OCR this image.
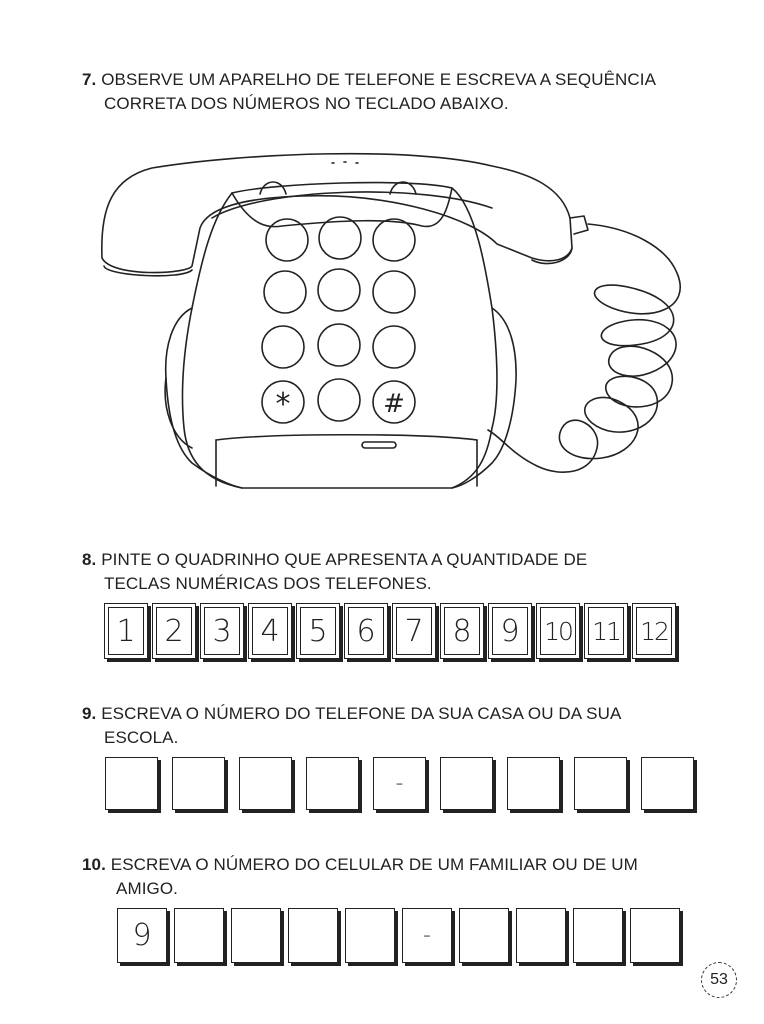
7. OBSERVE UM APARELHO DE TELEFONE E ESCREVA A SEQUÊNCIA
CORRETA DOS NÚMEROS NO TECLADO ABAIXO.
*	#
8. PINTE O QUADRINHO QUE APRESENTA A QUANTIDADE DE
TECLAS NUMÉRICAS DOS TELEFONES.
1 2 3 4 5 6 7 8 9 10 11 12
9. ESCREVA O NÚMERO DO TELEFONE DA SUA CASA OU DA SUA
ESCOLA.
-
10. ESCREVA O NÚMERO DO CELULAR DE UM FAMILIAR OU DE UM
AMIGO.
9	-
53
